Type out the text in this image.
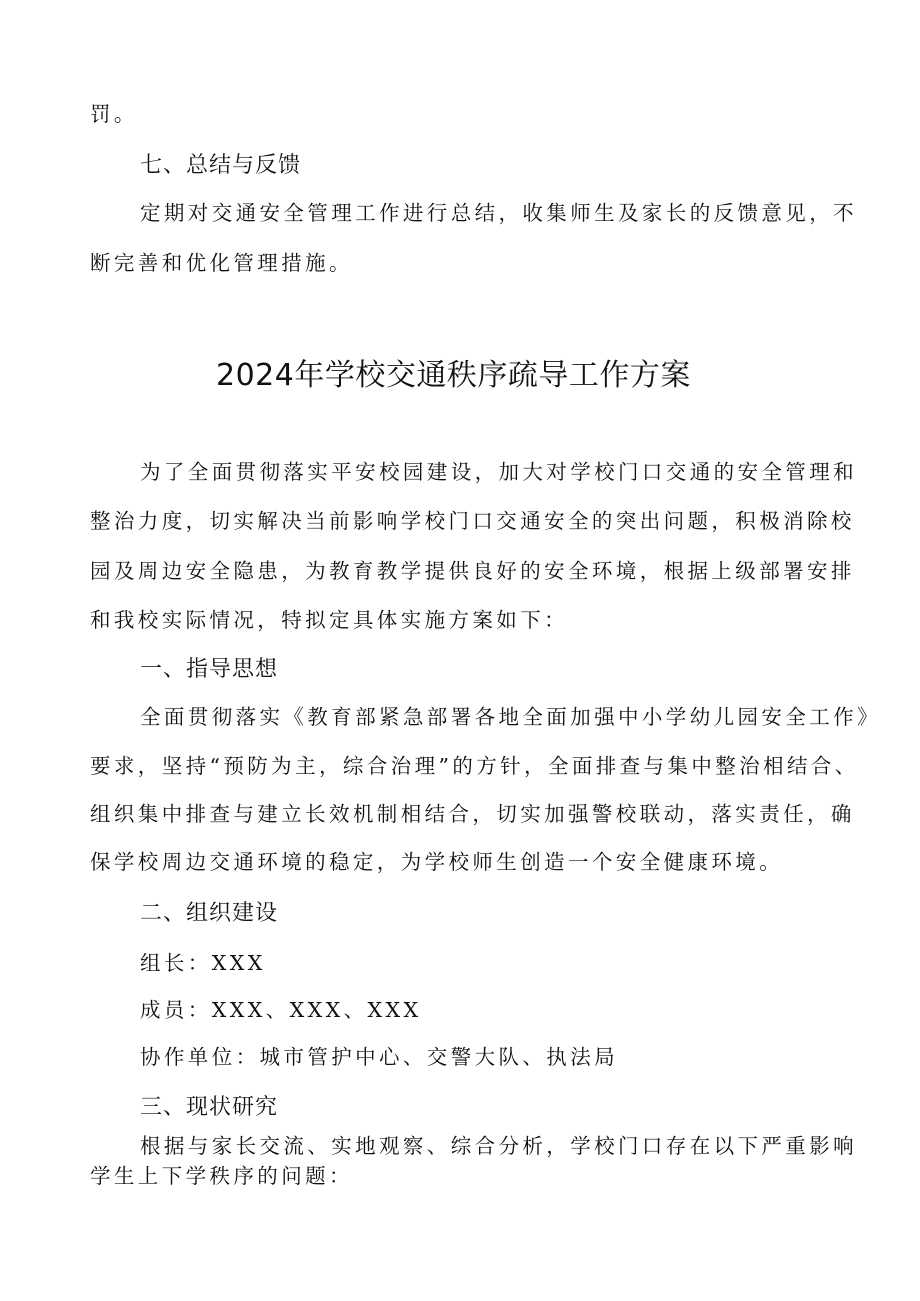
罚。

七、总结与反馈

定期对交通安全管理工作进行总结，收集师生及家长的反馈意见，不

断完善和优化管理措施。

2024年学校交通秩序疏导工作方案

为了全面贯彻落实平安校园建设，加大对学校门口交通的安全管理和

整治力度，切实解决当前影响学校门口交通安全的突出问题，积极消除校

园及周边安全隐患，为教育教学提供良好的安全环境，根据上级部署安排

和我校实际情况，特拟定具体实施方案如下：

一、指导思想

全面贯彻落实《教育部紧急部署各地全面加强中小学幼儿园安全工作》

要求，坚持“预防为主，综合治理”的方针，全面排查与集中整治相结合、

组织集中排查与建立长效机制相结合，切实加强警校联动，落实责任，确

保学校周边交通环境的稳定，为学校师生创造一个安全健康环境。

二、组织建设

组长：XXX

成员：XXX、XXX、XXX

协作单位：城市管护中心、交警大队、执法局

三、现状研究

根据与家长交流、实地观察、综合分析，学校门口存在以下严重影响

学生上下学秩序的问题：
